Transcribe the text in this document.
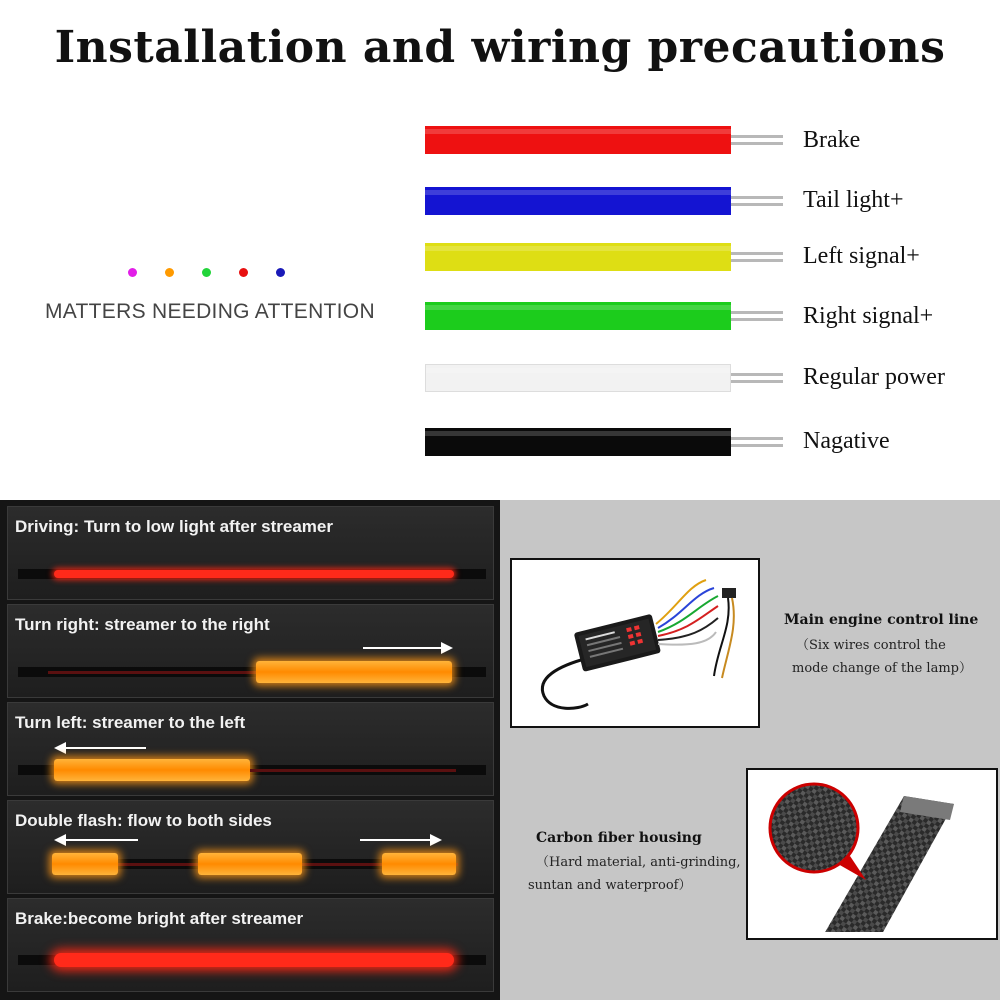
Installation and wiring precautions
MATTERS NEEDING ATTENTION
Brake
Tail light+
Left signal+
Right signal+
Regular power
Nagative
Driving: Turn to low light after streamer
Turn right: streamer to the right
Turn left: streamer to the left
Double flash: flow to both sides
Brake:become bright after streamer
Main engine control line
（Six wires control the
mode change of the lamp）
Carbon fiber housing
（Hard material, anti-grinding,
suntan and waterproof）
